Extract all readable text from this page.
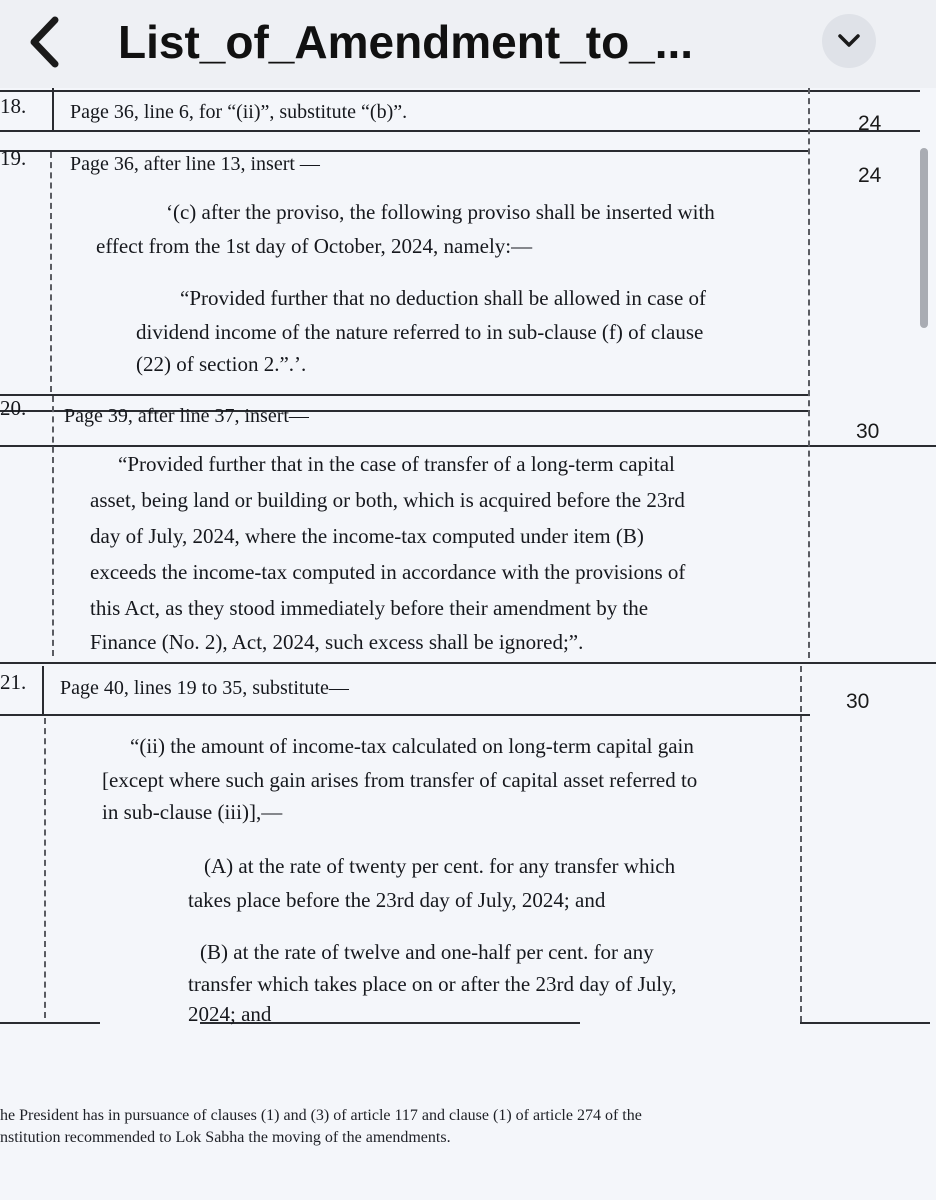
List_of_Amendment_to_...
18. Page 36, line 6, for “(ii)”, substitute “(b)”.	24
19. Page 36, after line 13, insert —	24
‘(c) after the proviso, the following proviso shall be inserted with
effect from the 1st day of October, 2024, namely:—
“Provided further that no deduction shall be allowed in case of
dividend income of the nature referred to in sub-clause (f) of clause
(22) of section 2.”.’.
20. Page 39, after line 37, insert—
30
“Provided further that in the case of transfer of a long-term capital
asset, being land or building or both, which is acquired before the 23rd
day of July, 2024, where the income-tax computed under item (B)
exceeds the income-tax computed in accordance with the provisions of
this Act, as they stood immediately before their amendment by the
Finance (No. 2), Act, 2024, such excess shall be ignored;”.
21. Page 40, lines 19 to 35, substitute—
30
“(ii) the amount of income-tax calculated on long-term capital gain
[except where such gain arises from transfer of capital asset referred to
in sub-clause (iii)],—
(A) at the rate of twenty per cent. for any transfer which
takes place before the 23rd day of July, 2024; and
(B) at the rate of twelve and one-half per cent. for any
transfer which takes place on or after the 23rd day of July,
2024; and
he President has in pursuance of clauses (1) and (3) of article 117 and clause (1) of article 274 of the
nstitution recommended to Lok Sabha the moving of the amendments.
